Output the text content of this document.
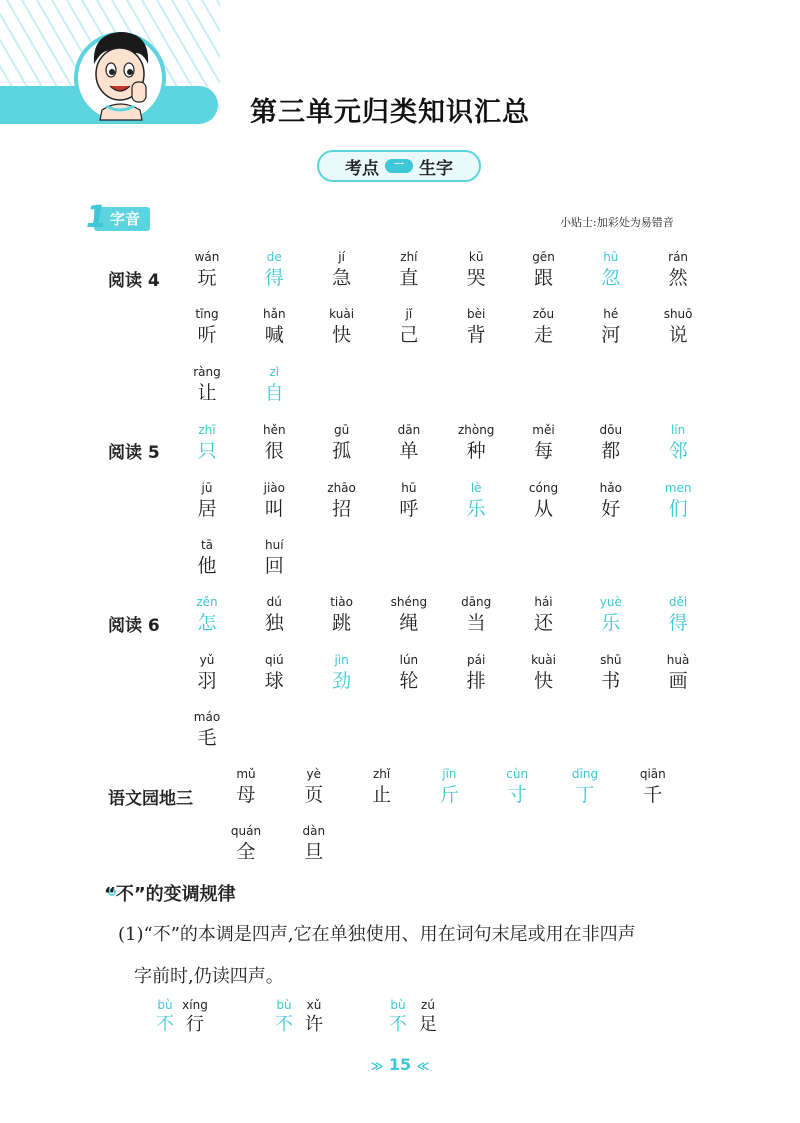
第三单元归类知识汇总
考点	一 生字
字音
1	小贴士:加彩处为易错音
阅读 4
wán
玩
de
得
jí
急
zhí
直
kū
哭
gēn
跟
hū
忽
rán
然
tīng
听
hǎn
喊
kuài
快
jǐ
己
bèi
背
zǒu
走
hé
河
shuō
说
ràng
让
zì
自
阅读 5
zhī
只
hěn
很
gū
孤
dān
单
zhòng
种
měi
每
dōu
都
lín
邻
jū
居
jiào
叫
zhāo
招
hū
呼
lè
乐
cóng
从
hǎo
好
men
们
tā
他
huí
回
阅读 6
zěn
怎
dú
独
tiào
跳
shéng
绳
dāng
当
hái
还
yuè
乐
děi
得
yǔ
羽
qiú
球
jìn
劲
lún
轮
pái
排
kuài
快
shū
书
huà
画
máo
毛
语文园地三
mǔ
母
yè
页
zhǐ
止
jīn
斤
cùn
寸
dīng
丁
qiān
千
quán
全
dàn
旦
“不”的变调规律
(1)“不”的本调是四声,它在单独使用、用在词句末尾或用在非四声
字前时,仍读四声。
bù
不
xíng
行
bù
不
xǔ
许
bù
不
zú
足
≫ 15 ≪
